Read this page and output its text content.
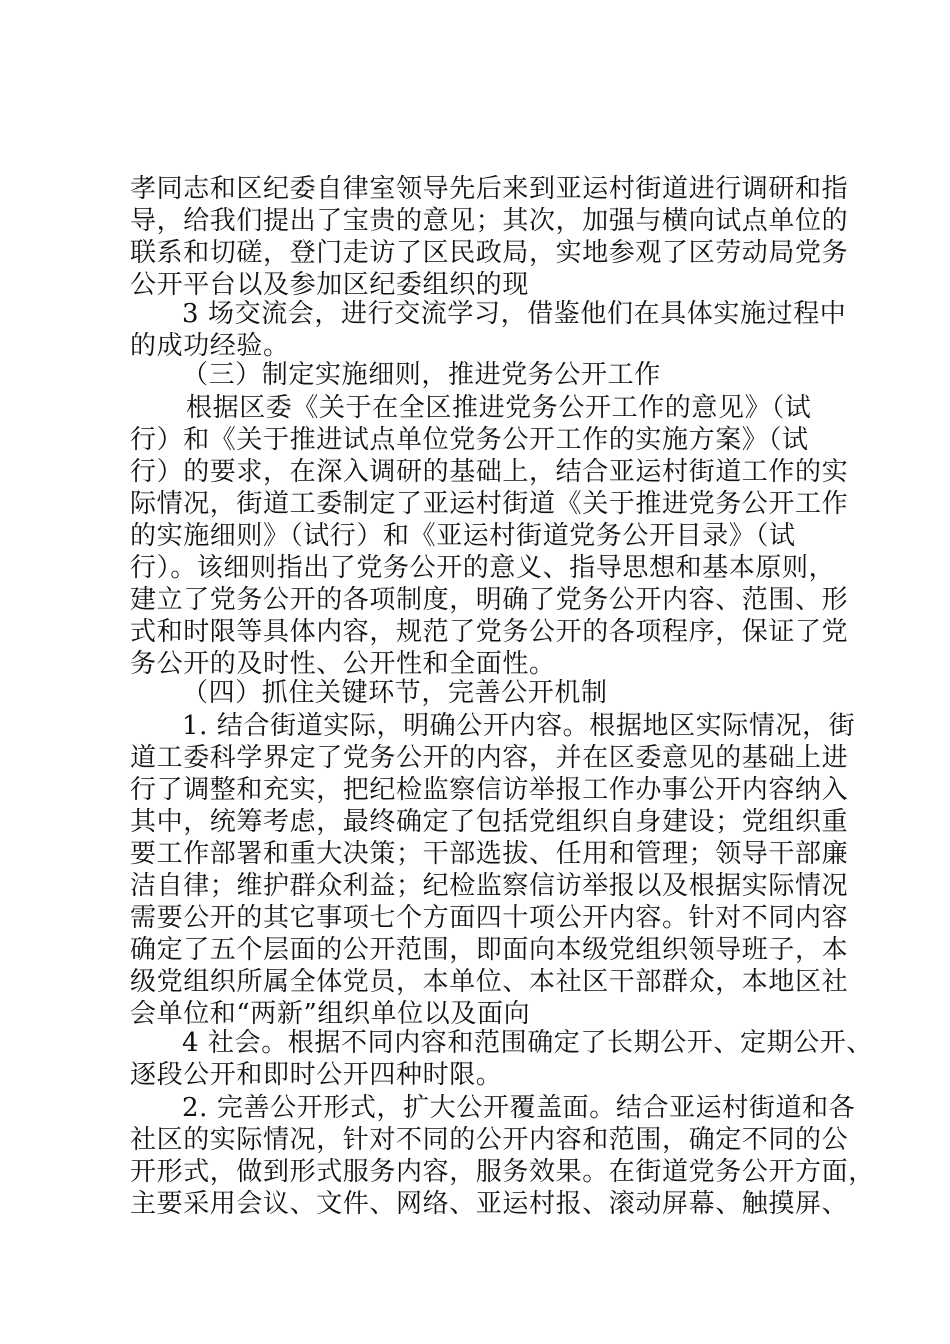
孝同志和区纪委自律室领导先后来到亚运村街道进行调研和指
导，给我们提出了宝贵的意见；其次，加强与横向试点单位的
联系和切磋，登门走访了区民政局，实地参观了区劳动局党务
公开平台以及参加区纪委组织的现
3 场交流会，进行交流学习，借鉴他们在具体实施过程中
的成功经验。
（三）制定实施细则，推进党务公开工作
根据区委《关于在全区推进党务公开工作的意见》（试
行）和《关于推进试点单位党务公开工作的实施方案》（试
行）的要求，在深入调研的基础上，结合亚运村街道工作的实
际情况，街道工委制定了亚运村街道《关于推进党务公开工作
的实施细则》（试行）和《亚运村街道党务公开目录》（试
行）。该细则指出了党务公开的意义、指导思想和基本原则，
建立了党务公开的各项制度，明确了党务公开内容、范围、形
式和时限等具体内容，规范了党务公开的各项程序，保证了党
务公开的及时性、公开性和全面性。
（四）抓住关键环节，完善公开机制
1. 结合街道实际，明确公开内容。根据地区实际情况，街
道工委科学界定了党务公开的内容，并在区委意见的基础上进
行了调整和充实，把纪检监察信访举报工作办事公开内容纳入
其中，统筹考虑，最终确定了包括党组织自身建设；党组织重
要工作部署和重大决策；干部选拔、任用和管理；领导干部廉
洁自律；维护群众利益；纪检监察信访举报以及根据实际情况
需要公开的其它事项七个方面四十项公开内容。针对不同内容
确定了五个层面的公开范围，即面向本级党组织领导班子，本
级党组织所属全体党员，本单位、本社区干部群众，本地区社
会单位和“两新”组织单位以及面向
4 社会。根据不同内容和范围确定了长期公开、定期公开、
逐段公开和即时公开四种时限。
2. 完善公开形式，扩大公开覆盖面。结合亚运村街道和各
社区的实际情况，针对不同的公开内容和范围，确定不同的公
开形式，做到形式服务内容，服务效果。在街道党务公开方面，
主要采用会议、文件、网络、亚运村报、滚动屏幕、触摸屏、
